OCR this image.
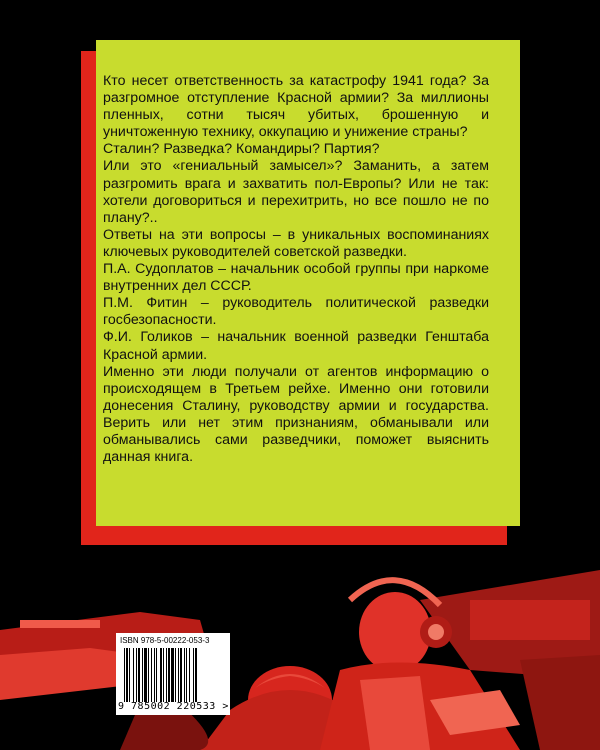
Кто несет ответственность за катастрофу 1941 года? За разгромное отступление Красной армии? За миллионы пленных, сотни тысяч убитых, брошенную и уничтоженную технику, оккупацию и унижение страны?

Сталин? Разведка? Командиры? Партия?

Или это «гениальный замысел»? Заманить, а затем разгромить врага и захватить пол-Европы? Или не так: хотели договориться и перехитрить, но все пошло не по плану?..

Ответы на эти вопросы – в уникальных воспоминаниях ключевых руководителей советской разведки.

П.А. Судоплатов – начальник особой группы при наркоме внутренних дел СССР.

П.М. Фитин – руководитель политической разведки госбезопасности.

Ф.И. Голиков – начальник военной разведки Генштаба Красной армии.

Именно эти люди получали от агентов информацию о происходящем в Третьем рейхе. Именно они готовили донесения Сталину, руководству армии и государства. Верить или нет этим признаниям, обманывали или обманывались сами разведчики, поможет выяснить данная книга.

ISBN 978-5-00222-053-3
9 785002 220533 >
